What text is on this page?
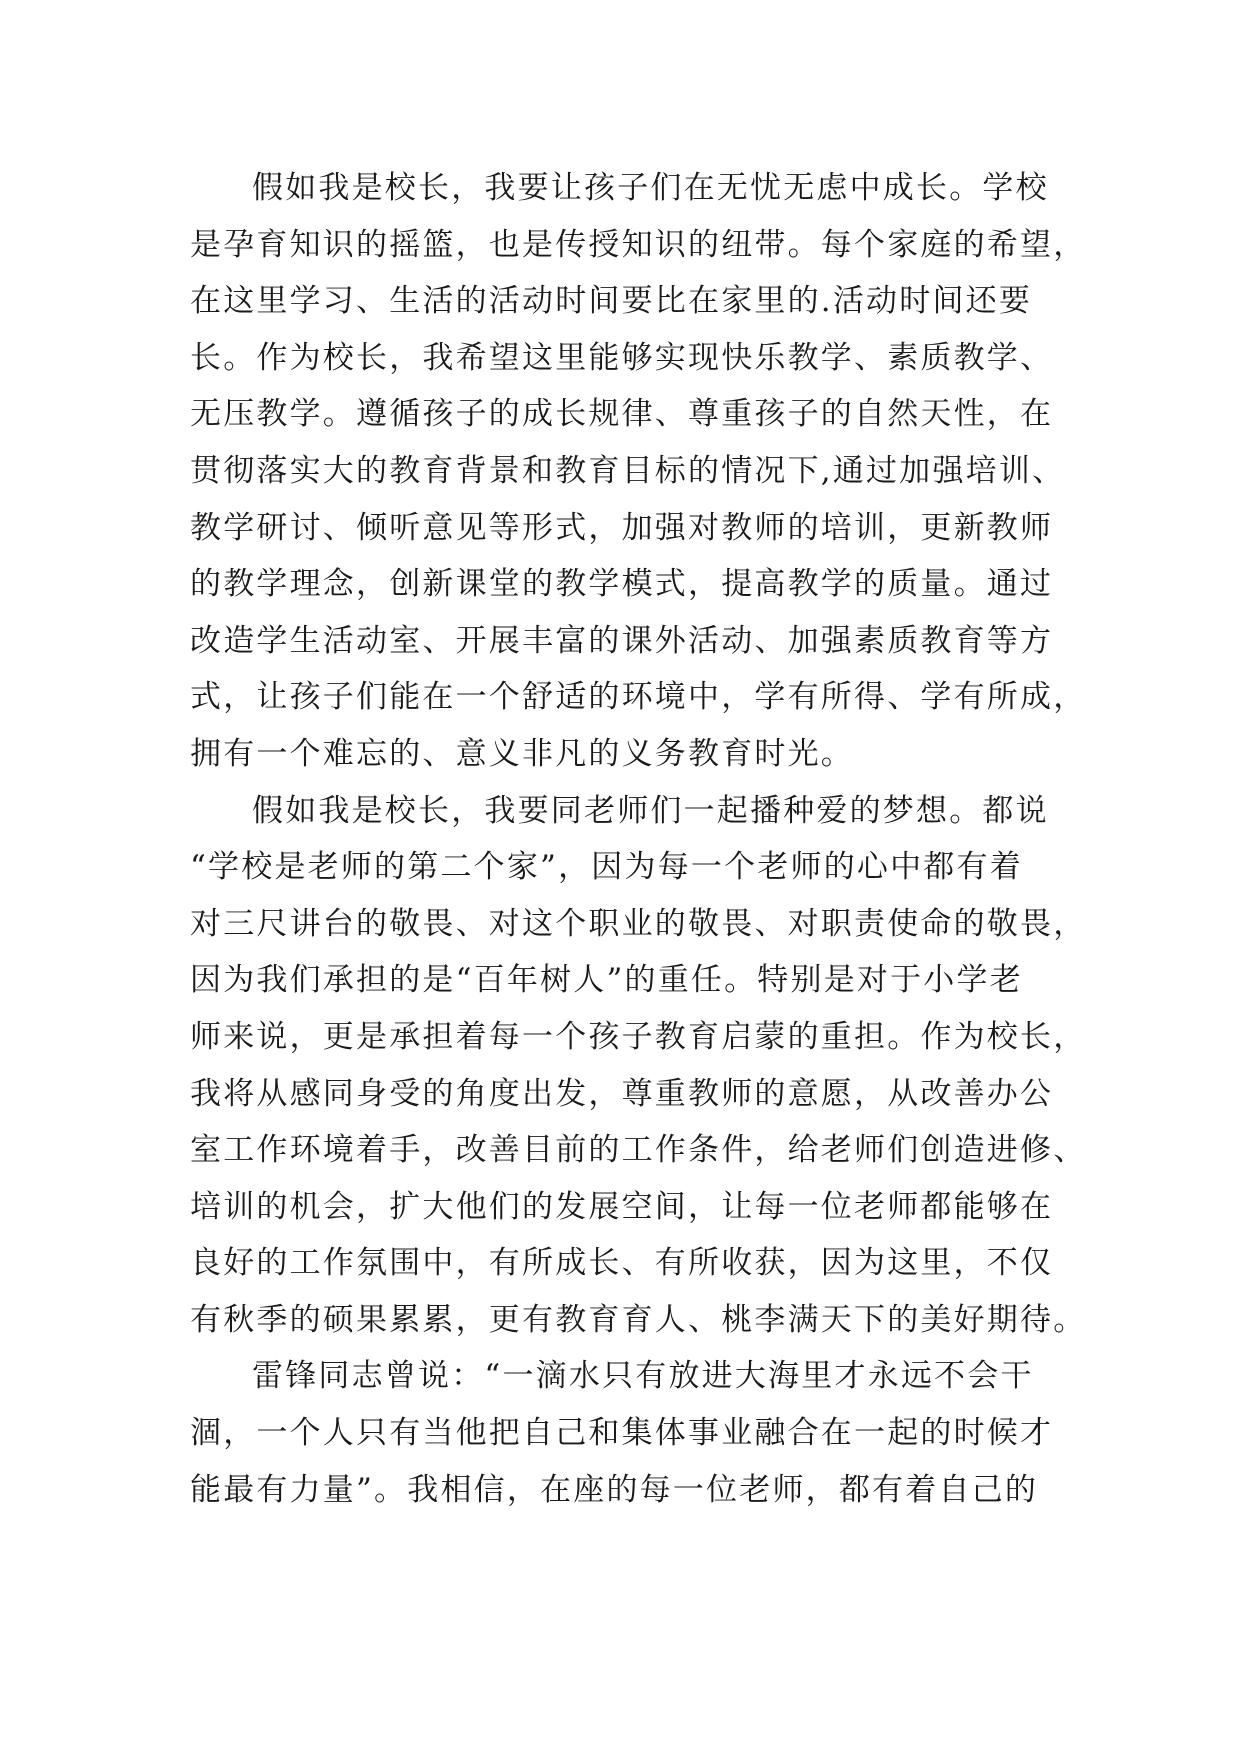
假如我是校长，我要让孩子们在无忧无虑中成长。学校
是孕育知识的摇篮，也是传授知识的纽带。每个家庭的希望，
在这里学习、生活的活动时间要比在家里的.活动时间还要
长。作为校长，我希望这里能够实现快乐教学、素质教学、
无压教学。遵循孩子的成长规律、尊重孩子的自然天性，在
贯彻落实大的教育背景和教育目标的情况下,通过加强培训、
教学研讨、倾听意见等形式，加强对教师的培训，更新教师
的教学理念，创新课堂的教学模式，提高教学的质量。通过
改造学生活动室、开展丰富的课外活动、加强素质教育等方
式，让孩子们能在一个舒适的环境中，学有所得、学有所成，
拥有一个难忘的、意义非凡的义务教育时光。
假如我是校长，我要同老师们一起播种爱的梦想。都说
“学校是老师的第二个家”，因为每一个老师的心中都有着
对三尺讲台的敬畏、对这个职业的敬畏、对职责使命的敬畏，
因为我们承担的是“百年树人”的重任。特别是对于小学老
师来说，更是承担着每一个孩子教育启蒙的重担。作为校长，
我将从感同身受的角度出发，尊重教师的意愿，从改善办公
室工作环境着手，改善目前的工作条件，给老师们创造进修、
培训的机会，扩大他们的发展空间，让每一位老师都能够在
良好的工作氛围中，有所成长、有所收获，因为这里，不仅
有秋季的硕果累累，更有教育育人、桃李满天下的美好期待。
雷锋同志曾说：“一滴水只有放进大海里才永远不会干
涸，一个人只有当他把自己和集体事业融合在一起的时候才
能最有力量”。我相信，在座的每一位老师，都有着自己的
